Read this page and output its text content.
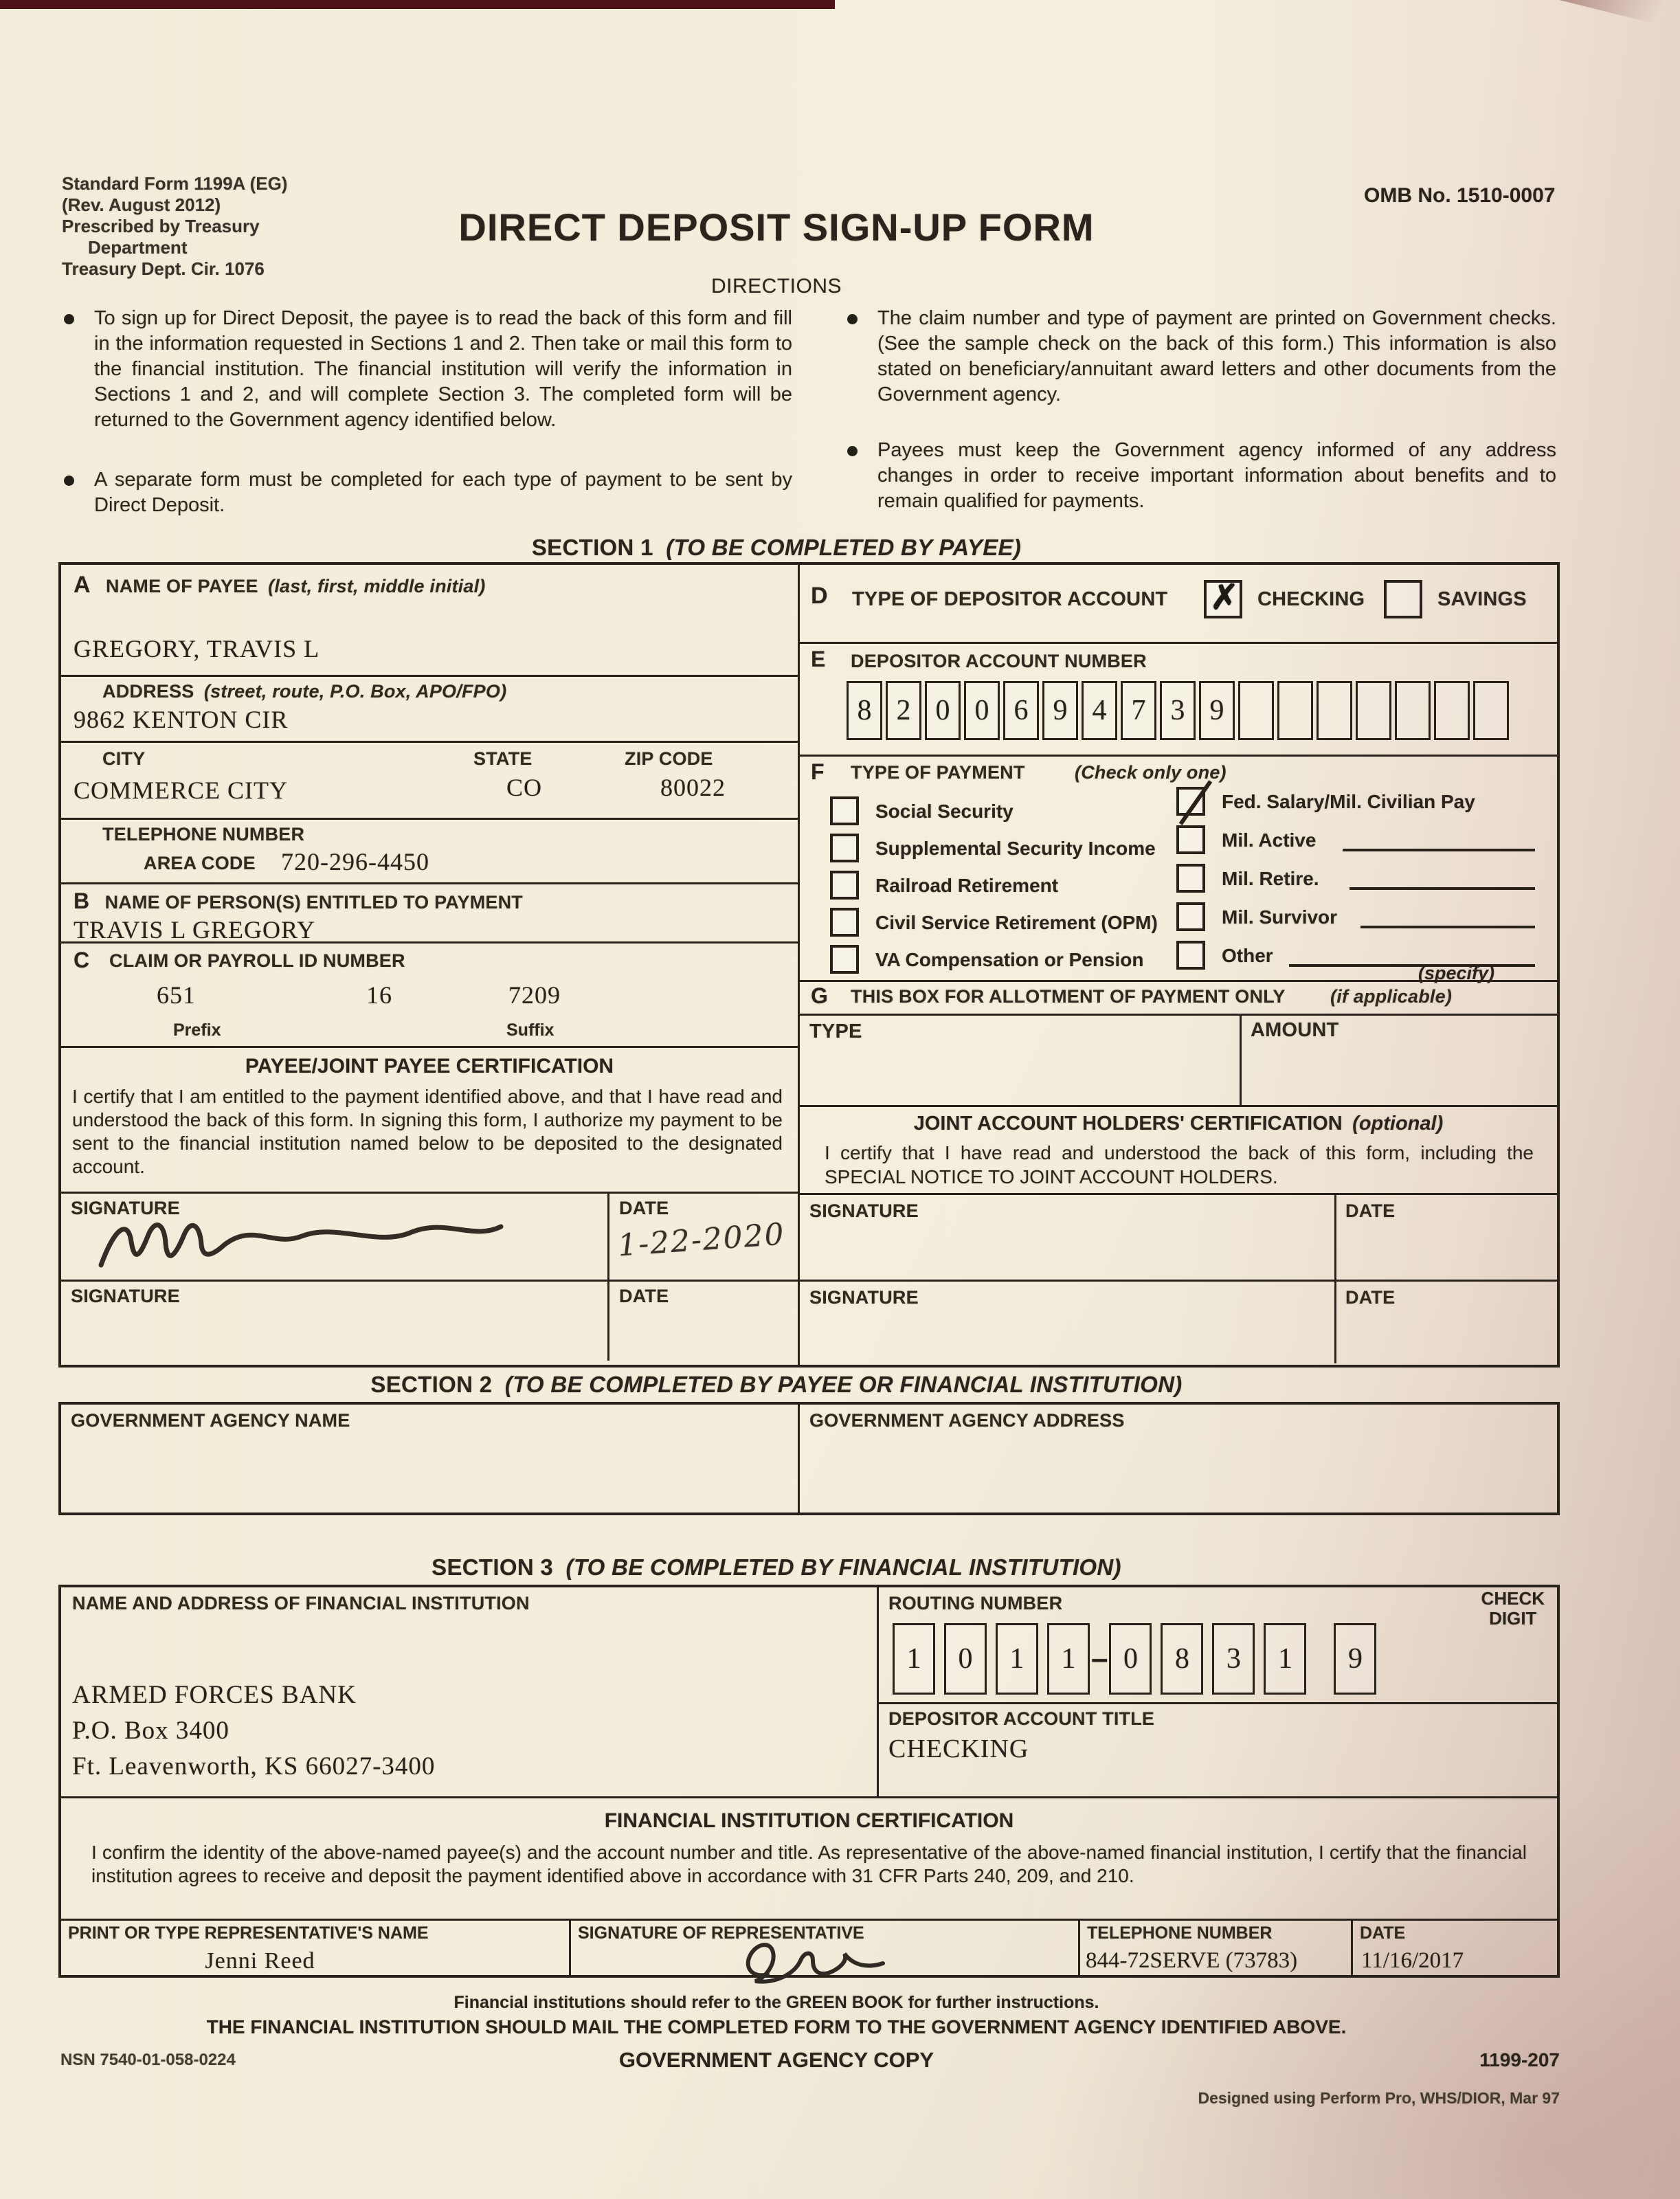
Standard Form 1199A (EG)
(Rev. August 2012)
Prescribed by Treasury
Department
Treasury Dept. Cir. 1076
DIRECT DEPOSIT SIGN-UP FORM
OMB No. 1510-0007
DIRECTIONS
To sign up for Direct Deposit, the payee is to read the back of this form and fill in the information requested in Sections 1 and 2. Then take or mail this form to the financial institution. The financial institution will verify the information in Sections 1 and 2, and will complete Section 3. The completed form will be returned to the Government agency identified below.
A separate form must be completed for each type of payment to be sent by Direct Deposit.
The claim number and type of payment are printed on Government checks. (See the sample check on the back of this form.) This information is also stated on beneficiary/annuitant award letters and other documents from the Government agency.
Payees must keep the Government agency informed of any address changes in order to receive important information about benefits and to remain qualified for payments.
SECTION 1 (TO BE COMPLETED BY PAYEE)
A NAME OF PAYEE (last, first, middle initial)
GREGORY, TRAVIS L
ADDRESS (street, route, P.O. Box, APO/FPO)
9862 KENTON CIR
CITY	STATE	ZIP CODE
COMMERCE CITY	CO	80022
TELEPHONE NUMBER
AREA CODE 720-296-4450
B NAME OF PERSON(S) ENTITLED TO PAYMENT
TRAVIS L GREGORY
C CLAIM OR PAYROLL ID NUMBER
651	16	7209
Prefix	Suffix
PAYEE/JOINT PAYEE CERTIFICATION
I certify that I am entitled to the payment identified above, and that I have read and understood the back of this form. In signing this form, I authorize my payment to be sent to the financial institution named below to be deposited to the designated account.
SIGNATURE	DATE
1-22-2020
SIGNATURE	DATE
D TYPE OF DEPOSITOR ACCOUNT ✗ CHECKING	SAVINGS
E DEPOSITOR ACCOUNT NUMBER
8 2 0 0 6 9 4 7 3 9
F TYPE OF PAYMENT	(Check only one)
Social Security
Supplemental Security Income
Railroad Retirement
Civil Service Retirement (OPM)
VA Compensation or Pension
Fed. Salary/Mil. Civilian Pay
Mil. Active
Mil. Retire.
Mil. Survivor
Other
(specify)
G THIS BOX FOR ALLOTMENT OF PAYMENT ONLY (if applicable)
TYPE	AMOUNT
JOINT ACCOUNT HOLDERS' CERTIFICATION (optional)
I certify that I have read and understood the back of this form, including the SPECIAL NOTICE TO JOINT ACCOUNT HOLDERS.
SIGNATURE	DATE
SIGNATURE	DATE
SECTION 2 (TO BE COMPLETED BY PAYEE OR FINANCIAL INSTITUTION)
GOVERNMENT AGENCY NAME	GOVERNMENT AGENCY ADDRESS
SECTION 3 (TO BE COMPLETED BY FINANCIAL INSTITUTION)
NAME AND ADDRESS OF FINANCIAL INSTITUTION
ARMED FORCES BANK
P.O. Box 3400
Ft. Leavenworth, KS 66027-3400
ROUTING NUMBER	CHECK
DIGIT
1	0	1	1 – 0	8	3	1	9
DEPOSITOR ACCOUNT TITLE
CHECKING
FINANCIAL INSTITUTION CERTIFICATION
I confirm the identity of the above-named payee(s) and the account number and title. As representative of the above-named financial institution, I certify that the financial institution agrees to receive and deposit the payment identified above in accordance with 31 CFR Parts 240, 209, and 210.
PRINT OR TYPE REPRESENTATIVE'S NAME
Jenni Reed
SIGNATURE OF REPRESENTATIVE	TELEPHONE NUMBER
844-72SERVE (73783)
DATE
11/16/2017
Financial institutions should refer to the GREEN BOOK for further instructions.
THE FINANCIAL INSTITUTION SHOULD MAIL THE COMPLETED FORM TO THE GOVERNMENT AGENCY IDENTIFIED ABOVE.
NSN 7540-01-058-0224	GOVERNMENT AGENCY COPY	1199-207
Designed using Perform Pro, WHS/DIOR, Mar 97
